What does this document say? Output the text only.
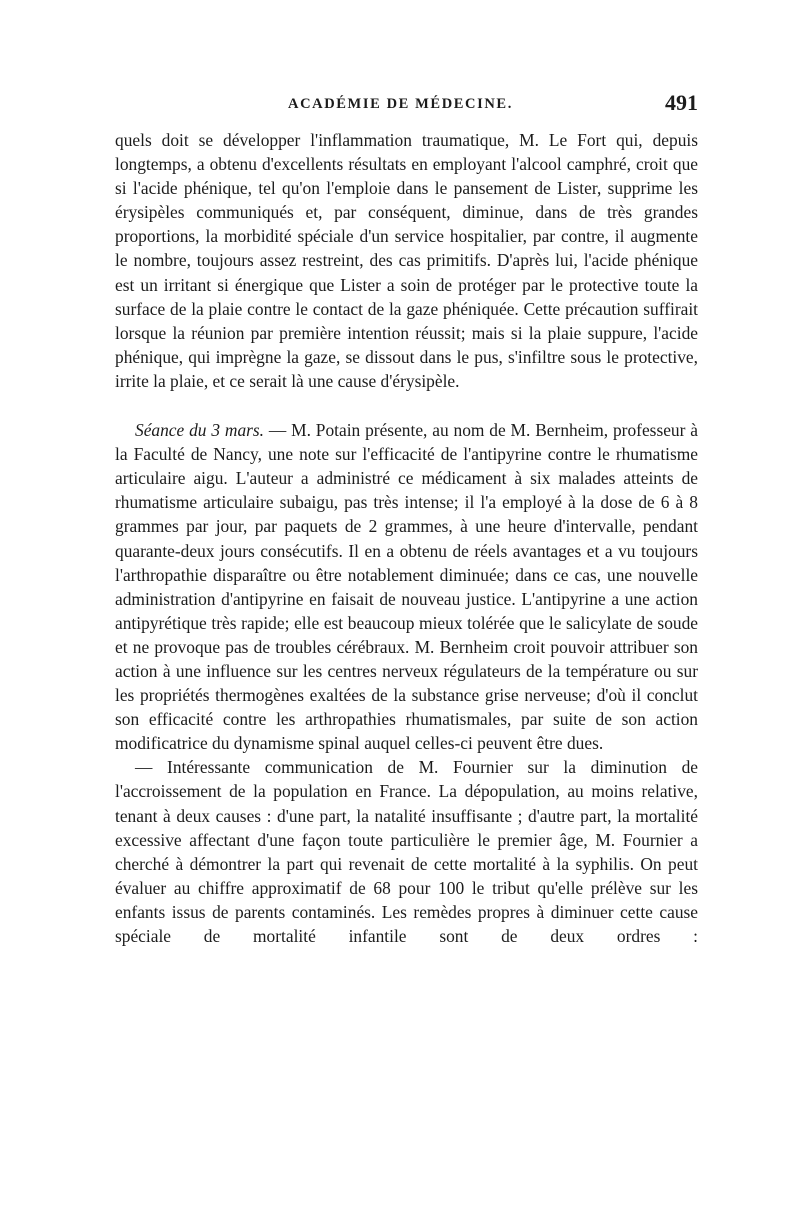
ACADÉMIE DE MÉDECINE.	491

quels doit se développer l'inflammation traumatique, M. Le Fort qui, depuis longtemps, a obtenu d'excellents résultats en employant l'alcool camphré, croit que si l'acide phénique, tel qu'on l'emploie dans le pansement de Lister, supprime les érysipèles communiqués et, par conséquent, diminue, dans de très grandes proportions, la morbidité spéciale d'un service hospitalier, par contre, il augmente le nombre, toujours assez restreint, des cas primitifs. D'après lui, l'acide phénique est un irritant si énergique que Lister a soin de protéger par le protective toute la surface de la plaie contre le contact de la gaze phéniquée. Cette précaution suffirait lorsque la réunion par première intention réussit; mais si la plaie suppure, l'acide phénique, qui imprègne la gaze, se dissout dans le pus, s'infiltre sous le protective, irrite la plaie, et ce serait là une cause d'érysipèle.

Séance du 3 mars. — M. Potain présente, au nom de M. Bernheim, professeur à la Faculté de Nancy, une note sur l'efficacité de l'antipyrine contre le rhumatisme articulaire aigu. L'auteur a administré ce médicament à six malades atteints de rhumatisme articulaire subaigu, pas très intense; il l'a employé à la dose de 6 à 8 grammes par jour, par paquets de 2 grammes, à une heure d'intervalle, pendant quarante-deux jours consécutifs. Il en a obtenu de réels avantages et a vu toujours l'arthropathie disparaître ou être notablement diminuée; dans ce cas, une nouvelle administration d'antipyrine en faisait de nouveau justice. L'antipyrine a une action antipyrétique très rapide; elle est beaucoup mieux tolérée que le salicylate de soude et ne provoque pas de troubles cérébraux. M. Bernheim croit pouvoir attribuer son action à une influence sur les centres nerveux régulateurs de la température ou sur les propriétés thermogènes exaltées de la substance grise nerveuse; d'où il conclut son efficacité contre les arthropathies rhumatismales, par suite de son action modificatrice du dynamisme spinal auquel celles-ci peuvent être dues.

— Intéressante communication de M. Fournier sur la diminution de l'accroissement de la population en France. La dépopulation, au moins relative, tenant à deux causes : d'une part, la natalité insuffisante ; d'autre part, la mortalité excessive affectant d'une façon toute particulière le premier âge, M. Fournier a cherché à démontrer la part qui revenait de cette mortalité à la syphilis. On peut évaluer au chiffre approximatif de 68 pour 100 le tribut qu'elle prélève sur les enfants issus de parents contaminés. Les remèdes propres à diminuer cette cause spéciale de mortalité infantile sont de deux ordres :
